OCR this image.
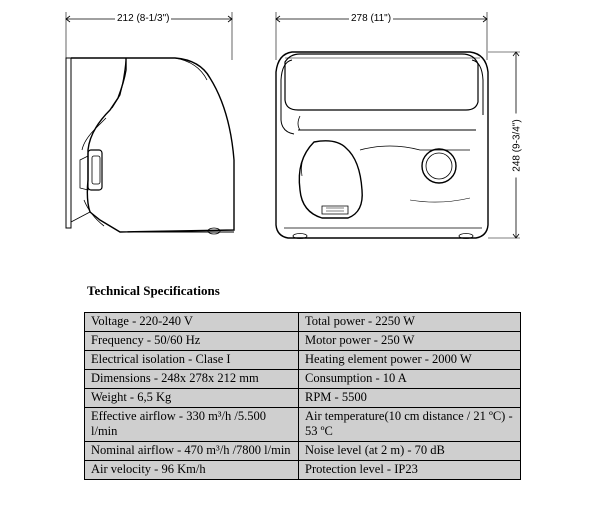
212 (8-1/3")	278 (11")
248 (9-3/4")
Technical Specifications
Voltage - 220-240 V	Total power - 2250 W
Frequency - 50/60 Hz	Motor power - 250 W
Electrical isolation - Clase I	Heating element power - 2000 W
Dimensions - 248x 278x 212 mm	Consumption - 10 A
Weight - 6,5 Kg	RPM - 5500
Effective airflow - 330 m³/h /5.500 l/min	Air temperature(10 cm distance / 21 ºC) - 53 ºC
Nominal airflow - 470 m³/h /7800 l/min	Noise level (at 2 m) - 70 dB
Air velocity - 96 Km/h	Protection level - IP23
